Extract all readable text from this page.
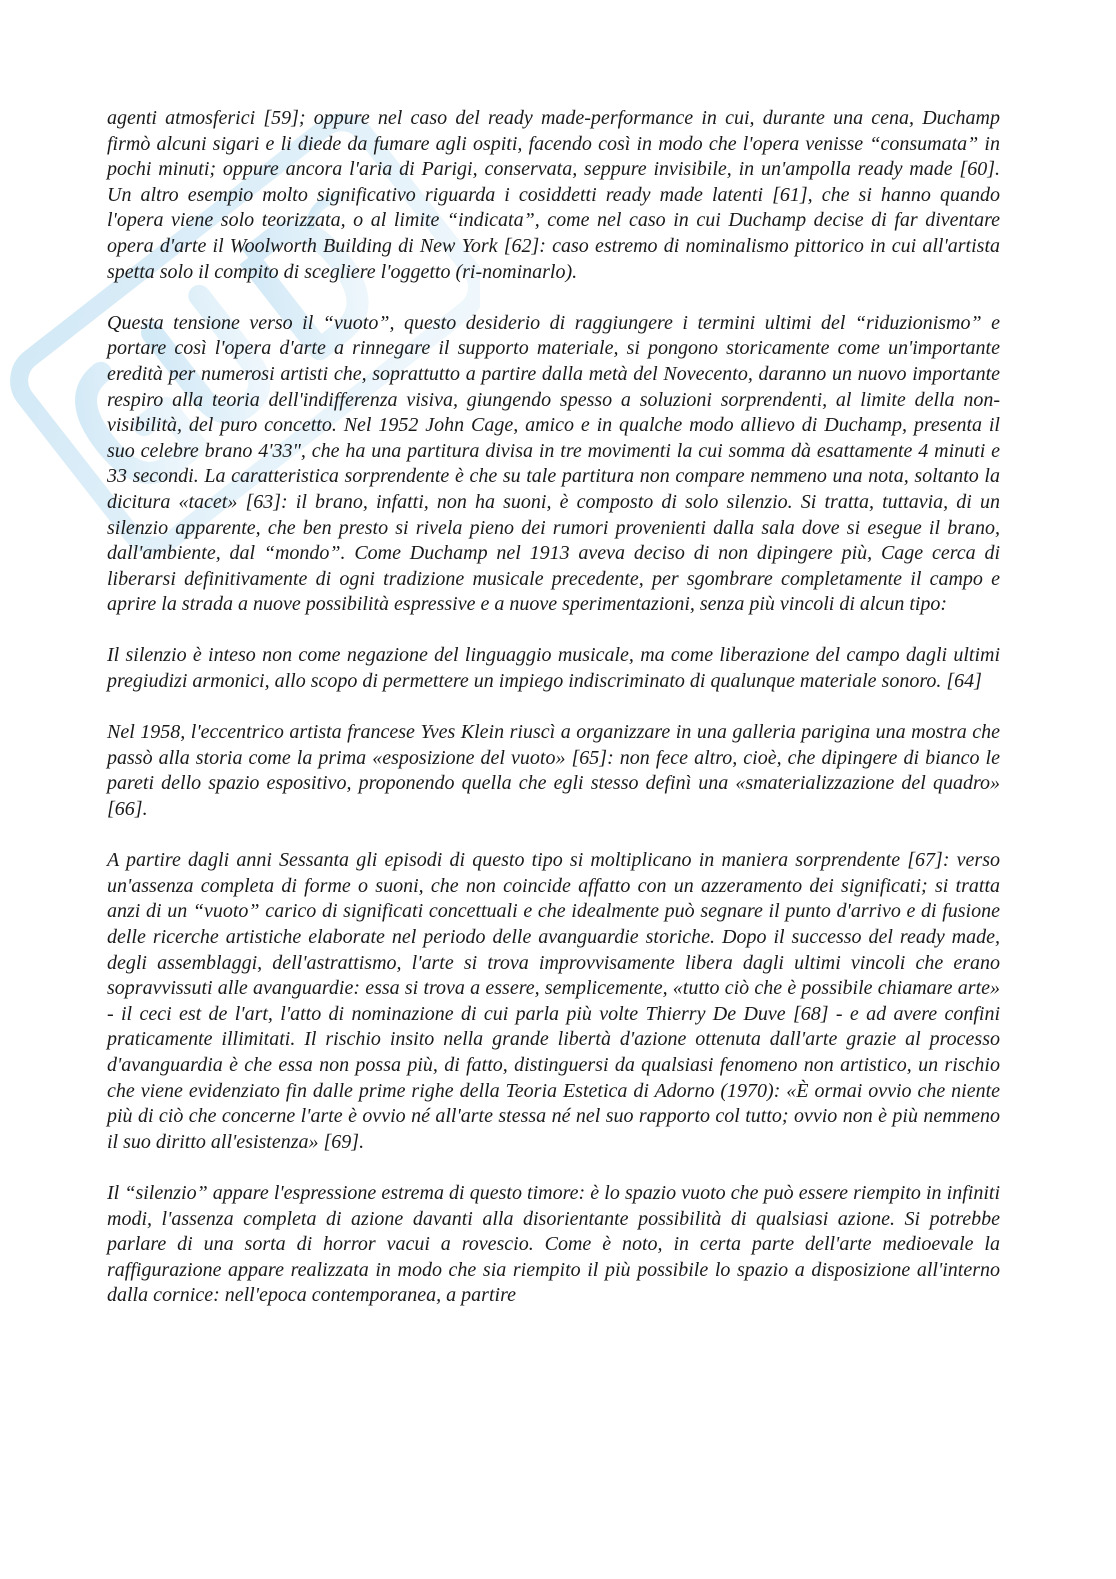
agenti atmosferici [59]; oppure nel caso del ready made-performance in cui, durante una cena, Duchamp firmò alcuni sigari e li diede da fumare agli ospiti, facendo così in modo che l'opera venisse “consumata” in pochi minuti; oppure ancora l'aria di Parigi, conservata, seppure invisibile, in un'ampolla ready made [60]. Un altro esempio molto significativo riguarda i cosiddetti ready made latenti [61], che si hanno quando l'opera viene solo teorizzata, o al limite “indicata”, come nel caso in cui Duchamp decise di far diventare opera d'arte il Woolworth Building di New York [62]: caso estremo di nominalismo pittorico in cui all'artista spetta solo il compito di scegliere l'oggetto (ri-nominarlo).

Questa tensione verso il “vuoto”, questo desiderio di raggiungere i termini ultimi del “riduzionismo” e portare così l'opera d'arte a rinnegare il supporto materiale, si pongono storicamente come un'importante eredità per numerosi artisti che, soprattutto a partire dalla metà del Novecento, daranno un nuovo importante respiro alla teoria dell'indifferenza visiva, giungendo spesso a soluzioni sorprendenti, al limite della non-visibilità, del puro concetto. Nel 1952 John Cage, amico e in qualche modo allievo di Duchamp, presenta il suo celebre brano 4'33", che ha una partitura divisa in tre movimenti la cui somma dà esattamente 4 minuti e 33 secondi. La caratteristica sorprendente è che su tale partitura non compare nemmeno una nota, soltanto la dicitura «tacet» [63]: il brano, infatti, non ha suoni, è composto di solo silenzio. Si tratta, tuttavia, di un silenzio apparente, che ben presto si rivela pieno dei rumori provenienti dalla sala dove si esegue il brano, dall'ambiente, dal “mondo”. Come Duchamp nel 1913 aveva deciso di non dipingere più, Cage cerca di liberarsi definitivamente di ogni tradizione musicale precedente, per sgombrare completamente il campo e aprire la strada a nuove possibilità espressive e a nuove sperimentazioni, senza più vincoli di alcun tipo:

Il silenzio è inteso non come negazione del linguaggio musicale, ma come liberazione del campo dagli ultimi pregiudizi armonici, allo scopo di permettere un impiego indiscriminato di qualunque materiale sonoro. [64]

Nel 1958, l'eccentrico artista francese Yves Klein riuscì a organizzare in una galleria parigina una mostra che passò alla storia come la prima «esposizione del vuoto» [65]: non fece altro, cioè, che dipingere di bianco le pareti dello spazio espositivo, proponendo quella che egli stesso definì una «smaterializzazione del quadro» [66].

A partire dagli anni Sessanta gli episodi di questo tipo si moltiplicano in maniera sorprendente [67]: verso un'assenza completa di forme o suoni, che non coincide affatto con un azzeramento dei significati; si tratta anzi di un “vuoto” carico di significati concettuali e che idealmente può segnare il punto d'arrivo e di fusione delle ricerche artistiche elaborate nel periodo delle avanguardie storiche. Dopo il successo del ready made, degli assemblaggi, dell'astrattismo, l'arte si trova improvvisamente libera dagli ultimi vincoli che erano sopravvissuti alle avanguardie: essa si trova a essere, semplicemente, «tutto ciò che è possibile chiamare arte» - il ceci est de l'art, l'atto di nominazione di cui parla più volte Thierry De Duve [68] - e ad avere confini praticamente illimitati. Il rischio insito nella grande libertà d'azione ottenuta dall'arte grazie al processo d'avanguardia è che essa non possa più, di fatto, distinguersi da qualsiasi fenomeno non artistico, un rischio che viene evidenziato fin dalle prime righe della Teoria Estetica di Adorno (1970): «È ormai ovvio che niente più di ciò che concerne l'arte è ovvio né all'arte stessa né nel suo rapporto col tutto; ovvio non è più nemmeno il suo diritto all'esistenza» [69].

Il “silenzio” appare l'espressione estrema di questo timore: è lo spazio vuoto che può essere riempito in infiniti modi, l'assenza completa di azione davanti alla disorientante possibilità di qualsiasi azione. Si potrebbe parlare di una sorta di horror vacui a rovescio. Come è noto, in certa parte dell'arte medioevale la raffigurazione appare realizzata in modo che sia riempito il più possibile lo spazio a disposizione all'interno dalla cornice: nell'epoca contemporanea, a partire
